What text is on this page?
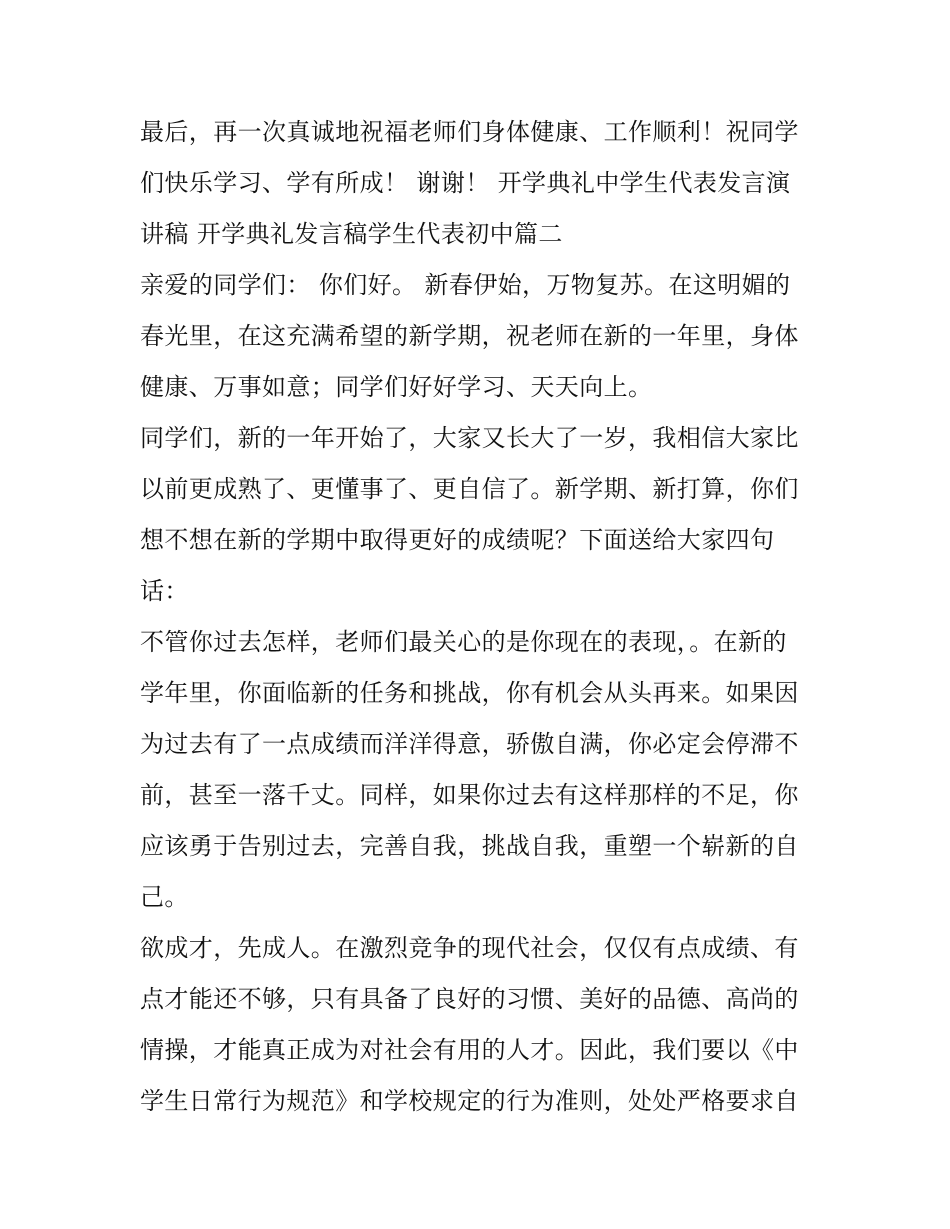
最后，再一次真诚地祝福老师们身体健康、工作顺利！祝同学
们快乐学习、学有所成！ 谢谢！ 开学典礼中学生代表发言演
讲稿 开学典礼发言稿学生代表初中篇二
亲爱的同学们： 你们好。 新春伊始，万物复苏。在这明媚的
春光里，在这充满希望的新学期，祝老师在新的一年里，身体
健康、万事如意；同学们好好学习、天天向上。
同学们，新的一年开始了，大家又长大了一岁，我相信大家比
以前更成熟了、更懂事了、更自信了。新学期、新打算，你们
想不想在新的学期中取得更好的成绩呢？下面送给大家四句
话：
不管你过去怎样，老师们最关心的是你现在的表现，。在新的
学年里，你面临新的任务和挑战，你有机会从头再来。如果因
为过去有了一点成绩而洋洋得意，骄傲自满，你必定会停滞不
前，甚至一落千丈。同样，如果你过去有这样那样的不足，你
应该勇于告别过去，完善自我，挑战自我，重塑一个崭新的自
己。
欲成才，先成人。在激烈竞争的现代社会，仅仅有点成绩、有
点才能还不够，只有具备了良好的习惯、美好的品德、高尚的
情操，才能真正成为对社会有用的人才。因此，我们要以《中
学生日常行为规范》和学校规定的行为准则，处处严格要求自
